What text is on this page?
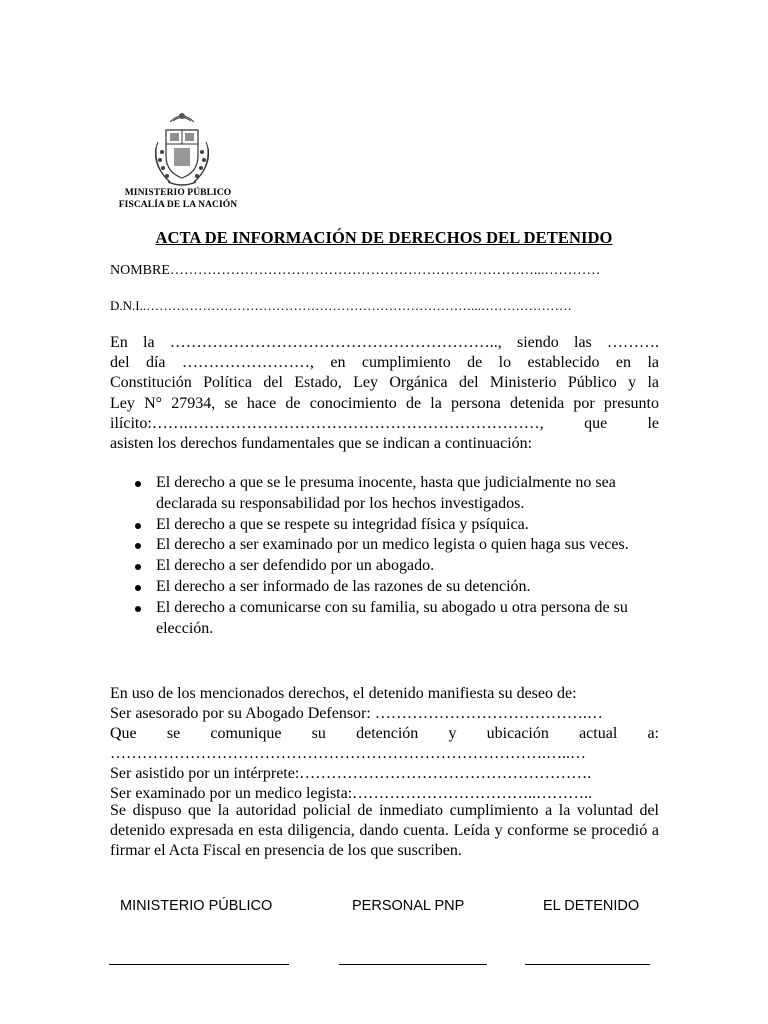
MINISTERIO PÚBLICO
FISCALÍA DE LA NACIÓN
ACTA DE INFORMACIÓN DE DERECHOS DEL DETENIDO
NOMBRE……………………………………………………………………...…………
D.N.I..…………………………………………………………………...…………………
En la …………………………………………………….., siendo las ……….
del día ……………………, en cumplimiento de lo establecido en la
Constitución Política del Estado, Ley Orgánica del Ministerio Público y la
Ley N° 27934, se hace de conocimiento de la persona detenida por presunto
ilícito:…….…………………………………………………………, que le
asisten los derechos fundamentales que se indican a continuación:
El derecho a que se le presuma inocente, hasta que judicialmente no sea declarada su responsabilidad por los hechos investigados.
El derecho a que se respete su integridad física y psíquica.
El derecho a ser examinado por un medico legista o quien haga sus veces.
El derecho a ser defendido por un abogado.
El derecho a ser informado de las razones de su detención.
El derecho a comunicarse con su familia, su abogado u otra persona de su elección.
En uso de los mencionados derechos, el detenido manifiesta su deseo de:
Ser asesorado por su Abogado Defensor: ………………………………….…
Que se comunique su detención y ubicación actual a:
……………………………………………………………………….…..…
Ser asistido por un intérprete:……………………………………………….
Ser examinado por un medico legista:……………………………..………..
Se dispuso que la autoridad policial de inmediato cumplimiento a la voluntad del detenido expresada en esta diligencia, dando cuenta. Leída y conforme se procedió a firmar el Acta Fiscal en presencia de los que suscriben.
MINISTERIO PÚBLICO	PERSONAL PNP	EL DETENIDO
